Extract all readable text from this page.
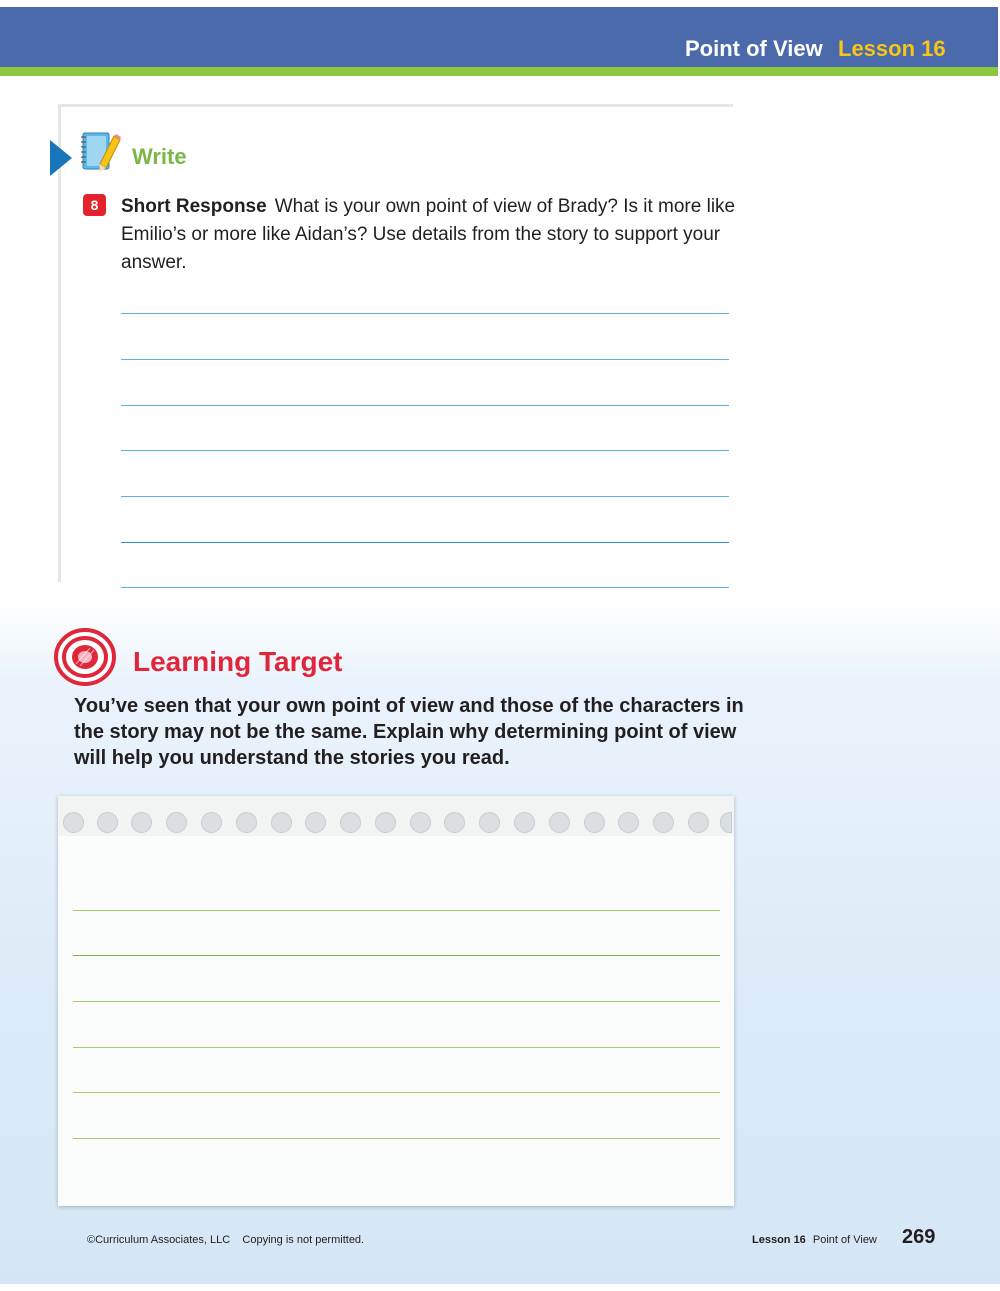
Point of View Lesson 16
Write
8	Short Response What is your own point of view of Brady? Is it more like Emilio’s or more like Aidan’s? Use details from the story to support your answer.
Learning Target
You’ve seen that your own point of view and those of the characters in the story may not be the same. Explain why determining point of view will help you understand the stories you read.
©Curriculum Associates, LLC    Copying is not permitted.	Lesson 16 Point of View 269
